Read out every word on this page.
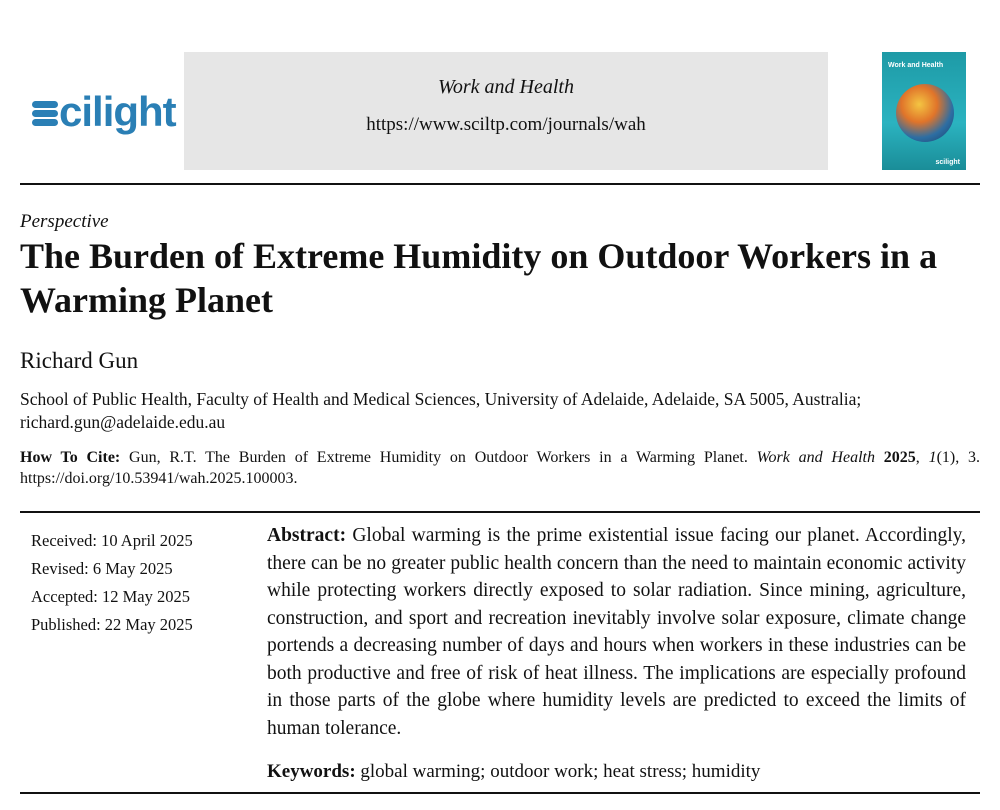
cilight
Work and Health
https://www.sciltp.com/journals/wah
Work and Health
scilight
Perspective
The Burden of Extreme Humidity on Outdoor Workers in a Warming Planet
Richard Gun
School of Public Health, Faculty of Health and Medical Sciences, University of Adelaide, Adelaide, SA 5005, Australia; richard.gun@adelaide.edu.au
How To Cite: Gun, R.T. The Burden of Extreme Humidity on Outdoor Workers in a Warming Planet. Work and Health 2025, 1(1), 3. https://doi.org/10.53941/wah.2025.100003.
Received: 10 April 2025
Revised: 6 May 2025
Accepted: 12 May 2025
Published: 22 May 2025
Abstract: Global warming is the prime existential issue facing our planet. Accordingly, there can be no greater public health concern than the need to maintain economic activity while protecting workers directly exposed to solar radiation. Since mining, agriculture, construction, and sport and recreation inevitably involve solar exposure, climate change portends a decreasing number of days and hours when workers in these industries can be both productive and free of risk of heat illness. The implications are especially profound in those parts of the globe where humidity levels are predicted to exceed the limits of human tolerance.
Keywords: global warming; outdoor work; heat stress; humidity
